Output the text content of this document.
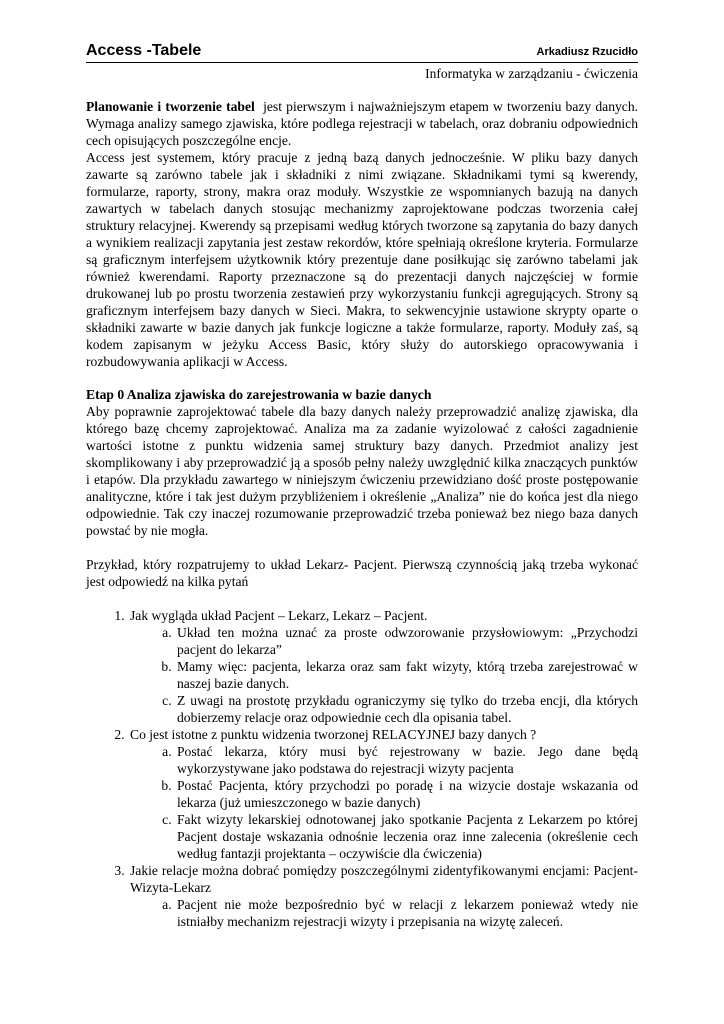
Access -Tabele	Arkadiusz Rzucidło
Informatyka w zarządzaniu - ćwiczenia

Planowanie i tworzenie tabel jest pierwszym i najważniejszym etapem w tworzeniu bazy danych. Wymaga analizy samego zjawiska, które podlega rejestracji w tabelach, oraz dobraniu odpowiednich cech opisujących poszczególne encje.

Access jest systemem, który pracuje z jedną bazą danych jednocześnie. W pliku bazy danych zawarte są zarówno tabele jak i składniki z nimi związane. Składnikami tymi są kwerendy, formularze, raporty, strony, makra oraz moduły. Wszystkie ze wspomnianych bazują na danych zawartych w tabelach danych stosując mechanizmy zaprojektowane podczas tworzenia całej struktury relacyjnej. Kwerendy są przepisami według których tworzone są zapytania do bazy danych a wynikiem realizacji zapytania jest zestaw rekordów, które spełniają określone kryteria. Formularze są graficznym interfejsem użytkownik który prezentuje dane posiłkując się zarówno tabelami jak również kwerendami. Raporty przeznaczone są do prezentacji danych najczęściej w formie drukowanej lub po prostu tworzenia zestawień przy wykorzystaniu funkcji agregujących. Strony są graficznym interfejsem bazy danych w Sieci. Makra, to sekwencyjnie ustawione skrypty oparte o składniki zawarte w bazie danych jak funkcje logiczne a także formularze, raporty. Moduły zaś, są kodem zapisanym w jeżyku Access Basic, który służy do autorskiego opracowywania i rozbudowywania aplikacji w Access.

Etap 0 Analiza zjawiska do zarejestrowania w bazie danych

Aby poprawnie zaprojektować tabele dla bazy danych należy przeprowadzić analizę zjawiska, dla którego bazę chcemy zaprojektować. Analiza ma za zadanie wyizolować z całości zagadnienie wartości istotne z punktu widzenia samej struktury bazy danych. Przedmiot analizy jest skomplikowany i aby przeprowadzić ją a sposób pełny należy uwzględnić kilka znaczących punktów i etapów. Dla przykładu zawartego w niniejszym ćwiczeniu przewidziano dość proste postępowanie analityczne, które i tak jest dużym przybliżeniem i określenie „Analiza” nie do końca jest dla niego odpowiednie. Tak czy inaczej rozumowanie przeprowadzić trzeba ponieważ bez niego baza danych powstać by nie mogła.

Przykład, który rozpatrujemy to układ Lekarz- Pacjent. Pierwszą czynnością jaką trzeba wykonać jest odpowiedź na kilka pytań

1. Jak wygląda układ Pacjent – Lekarz, Lekarz – Pacjent.
a. Układ ten można uznać za proste odwzorowanie przysłowiowym: „Przychodzi pacjent do lekarza”
b. Mamy więc: pacjenta, lekarza oraz sam fakt wizyty, którą trzeba zarejestrować w naszej bazie danych.
c. Z uwagi na prostotę przykładu ograniczymy się tylko do trzeba encji, dla których dobierzemy relacje oraz odpowiednie cech dla opisania tabel.
2. Co jest istotne z punktu widzenia tworzonej RELACYJNEJ bazy danych ?
a. Postać lekarza, który musi być rejestrowany w bazie. Jego dane będą wykorzystywane jako podstawa do rejestracji wizyty pacjenta
b. Postać Pacjenta, który przychodzi po poradę i na wizycie dostaje wskazania od lekarza (już umieszczonego w bazie danych)
c. Fakt wizyty lekarskiej odnotowanej jako spotkanie Pacjenta z Lekarzem po której Pacjent dostaje wskazania odnośnie leczenia oraz inne zalecenia (określenie cech według fantazji projektanta – oczywiście dla ćwiczenia)
3. Jakie relacje można dobrać pomiędzy poszczególnymi zidentyfikowanymi encjami: Pacjent-Wizyta-Lekarz
a. Pacjent nie może bezpośrednio być w relacji z lekarzem ponieważ wtedy nie istniałby mechanizm rejestracji wizyty i przepisania na wizytę zaleceń.
